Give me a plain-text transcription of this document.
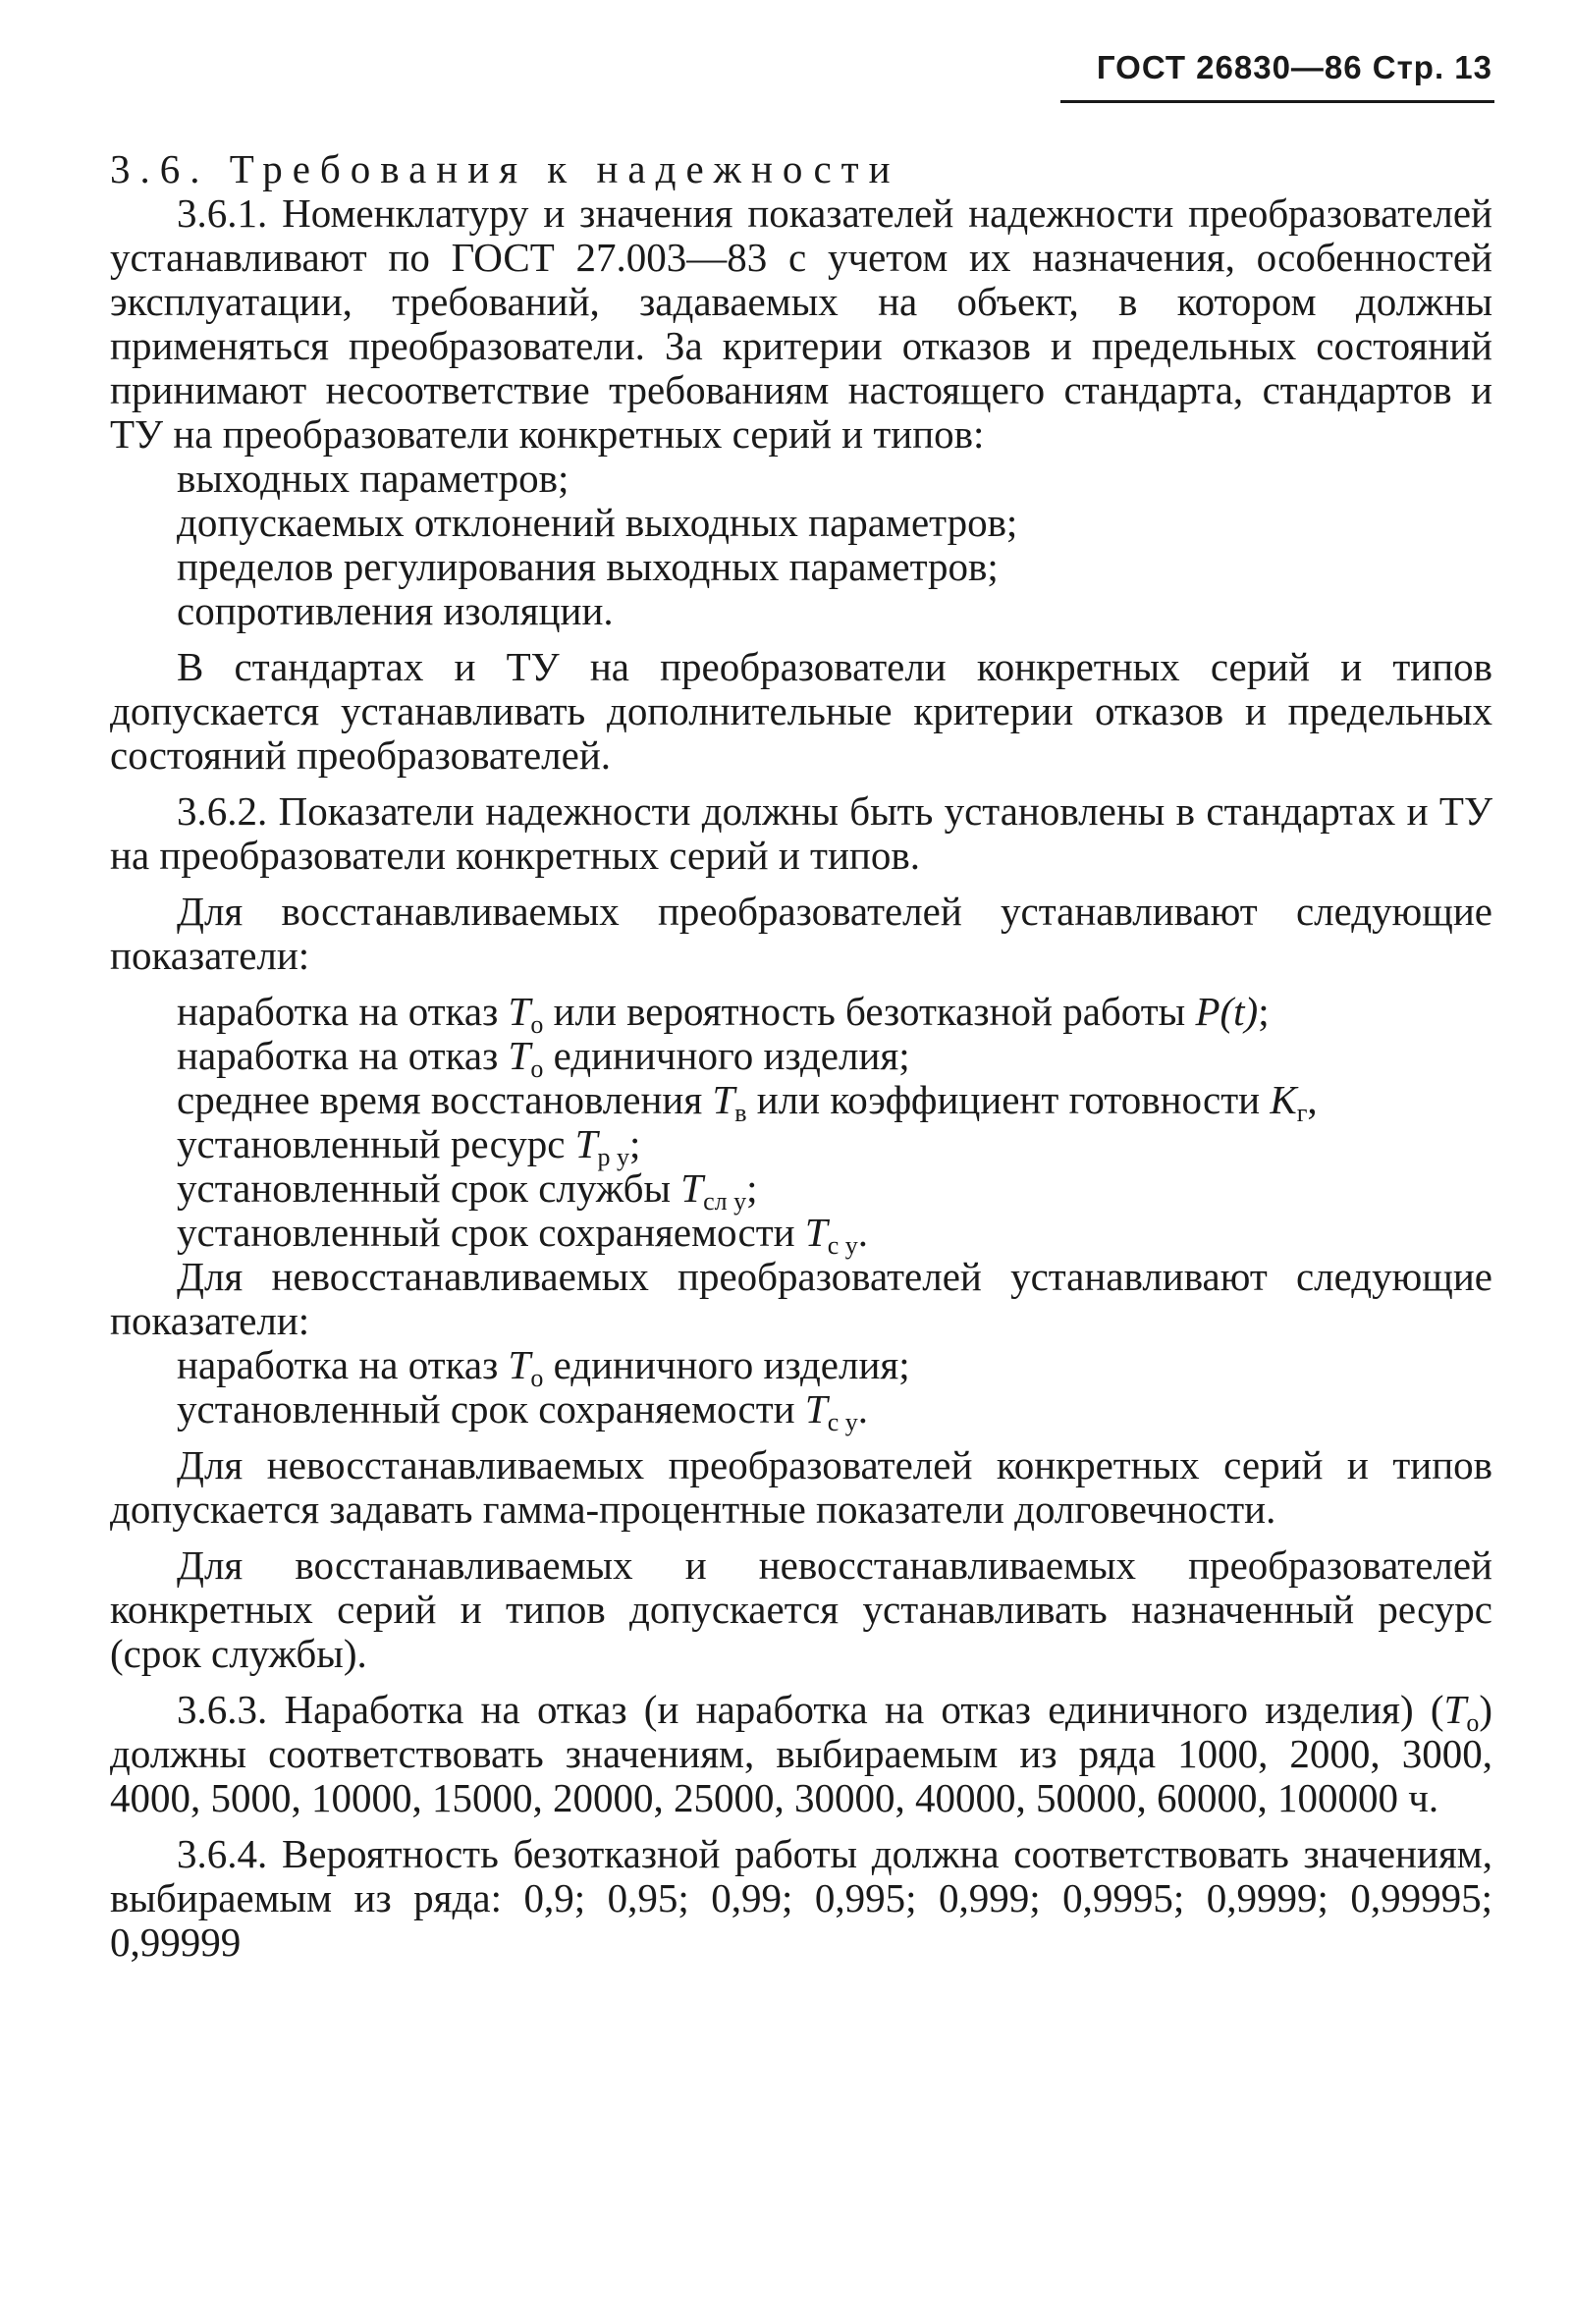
ГОСТ 26830—86 Стр. 13

3.6. Требования к надежности

3.6.1. Номенклатуру и значения показателей надежности преобразователей устанавливают по ГОСТ 27.003—83 с учетом их назначения, особенностей эксплуатации, требований, задаваемых на объект, в котором должны применяться преобразователи. За критерии отказов и предельных состояний принимают несоответствие требованиям настоящего стандарта, стандартов и ТУ на преобразователи конкретных серий и типов:

выходных параметров;

допускаемых отклонений выходных параметров;

пределов регулирования выходных параметров;

сопротивления изоляции.

В стандартах и ТУ на преобразователи конкретных серий и типов допускается устанавливать дополнительные критерии отказов и предельных состояний преобразователей.

3.6.2. Показатели надежности должны быть установлены в стандартах и ТУ на преобразователи конкретных серий и типов.

Для восстанавливаемых преобразователей устанавливают следующие показатели:

наработка на отказ $T_о$ или вероятность безотказной работы P(t);

наработка на отказ $T_о$ единичного изделия;

среднее время восстановления $T_в$ или коэффициент готовности $K_г$,

установленный ресурс $T_{р у}$;

установленный срок службы $T_{сл у}$;

установленный срок сохраняемости $T_{с у}$.

Для невосстанавливаемых преобразователей устанавливают следующие показатели:

наработка на отказ $T_о$ единичного изделия;

установленный срок сохраняемости $T_{с у}$.

Для невосстанавливаемых преобразователей конкретных серий и типов допускается задавать гамма-процентные показатели долговечности.

Для восстанавливаемых и невосстанавливаемых преобразователей конкретных серий и типов допускается устанавливать назначенный ресурс (срок службы).

3.6.3. Наработка на отказ (и наработка на отказ единичного изделия) $(T_о)$ должны соответствовать значениям, выбираемым из ряда 1000, 2000, 3000, 4000, 5000, 10000, 15000, 20000, 25000, 30000, 40000, 50000, 60000, 100000 ч.

3.6.4. Вероятность безотказной работы должна соответствовать значениям, выбираемым из ряда: 0,9; 0,95; 0,99; 0,995; 0,999; 0,9995; 0,9999; 0,99995; 0,99999
